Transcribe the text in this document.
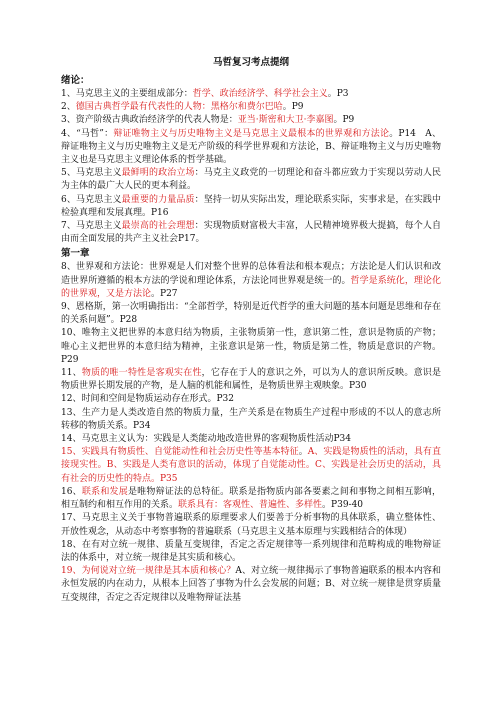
马哲复习考点提纲
绪论：

1、马克思主义的主要组成部分：哲学、政治经济学、科学社会主义。P3

2、德国古典哲学最有代表性的人物：黑格尔和费尔巴哈。P9

3、资产阶级古典政治经济学的代表人物是：亚当·斯密和大卫·李嘉图。P9

4、“马哲”：辩证唯物主义与历史唯物主义是马克思主义最根本的世界观和方法论。P14　A、辩证唯物主义与历史唯物主义是无产阶级的科学世界观和方法论，B、辩证唯物主义与历史唯物主义也是马克思主义理论体系的哲学基础。

5、马克思主义最鲜明的政治立场：马克主义政党的一切理论和奋斗都应致力于实现以劳动人民为主体的最广大人民的更本利益。

6、马克思主义最重要的力量品质：坚持一切从实际出发，理论联系实际，实事求是，在实践中检验真理和发展真理。P16

7、马克思主义最崇高的社会理想：实现物质财富极大丰富，人民精神境界极大提搞，每个人自由而全面发展的共产主义社会P17。

第一章

8、世界观和方法论：世界观是人们对整个世界的总体看法和根本观点；方法论是人们认识和改造世界所遵循的根本方法的学说和理论体系，方法论同世界观是统一的。哲学是系统化，理论化的世界观，又是方法论。P27

9、恩格斯，第一次明确指出：“全部哲学，特别是近代哲学的重大问题的基本问题是思维和存在的关系问题”。P28

10、唯物主义把世界的本意归结为物质，主张物质第一性，意识第二性，意识是物质的产物；唯心主义把世界的本意归结为精神，主张意识是第一性，物质是第二性，物质是意识的产物。P29

11、物质的唯一特性是客观实在性，它存在于人的意识之外，可以为人的意识所反映。意识是物质世界长期发展的产物，是人脑的机能和属性，是物质世界主观映象。P30

12、时间和空间是物质运动存在形式。P32

13、生产力是人类改造自然的物质力量，生产关系是在物质生产过程中形成的不以人的意志所转移的物质关系。P34

14、马克思主义认为：实践是人类能动地改造世界的客观物质性活动P34

15、实践具有物质性、自觉能动性和社会历史性等基本特征。A、实践是物质性的活动，具有直接现实性。B、实践是人类有意识的活动，体现了自觉能动性。C、实践是社会历史的活动，具有社会的历史性的特点。P35

16、联系和发展是唯物辩证法的总特征。联系是指物质内部各要素之间和事物之间相互影响，相互制约和相互作用的关系。联系具有：客观性、普遍性、多样性。P39-40

17、马克思主义关于事物普遍联系的原理要求人们要善于分析事物的具体联系，确立整体性、开放性观念，从动态中考察事物的普遍联系（马克思主义基本原理与实践相结合的体现）

18、在有对立统一规律、质量互变规律，否定之否定规律等一系列规律和范畴构成的唯物辩证法的体系中，对立统一规律是其实质和核心。

19、为何说对立统一规律是其本质和核心？A、对立统一规律揭示了事物普遍联系的根本内容和永恒发展的内在动力，从根本上回答了事物为什么会发展的问题；B、对立统一规律是贯穿质量互变规律，否定之否定规律以及唯物辩证法基
